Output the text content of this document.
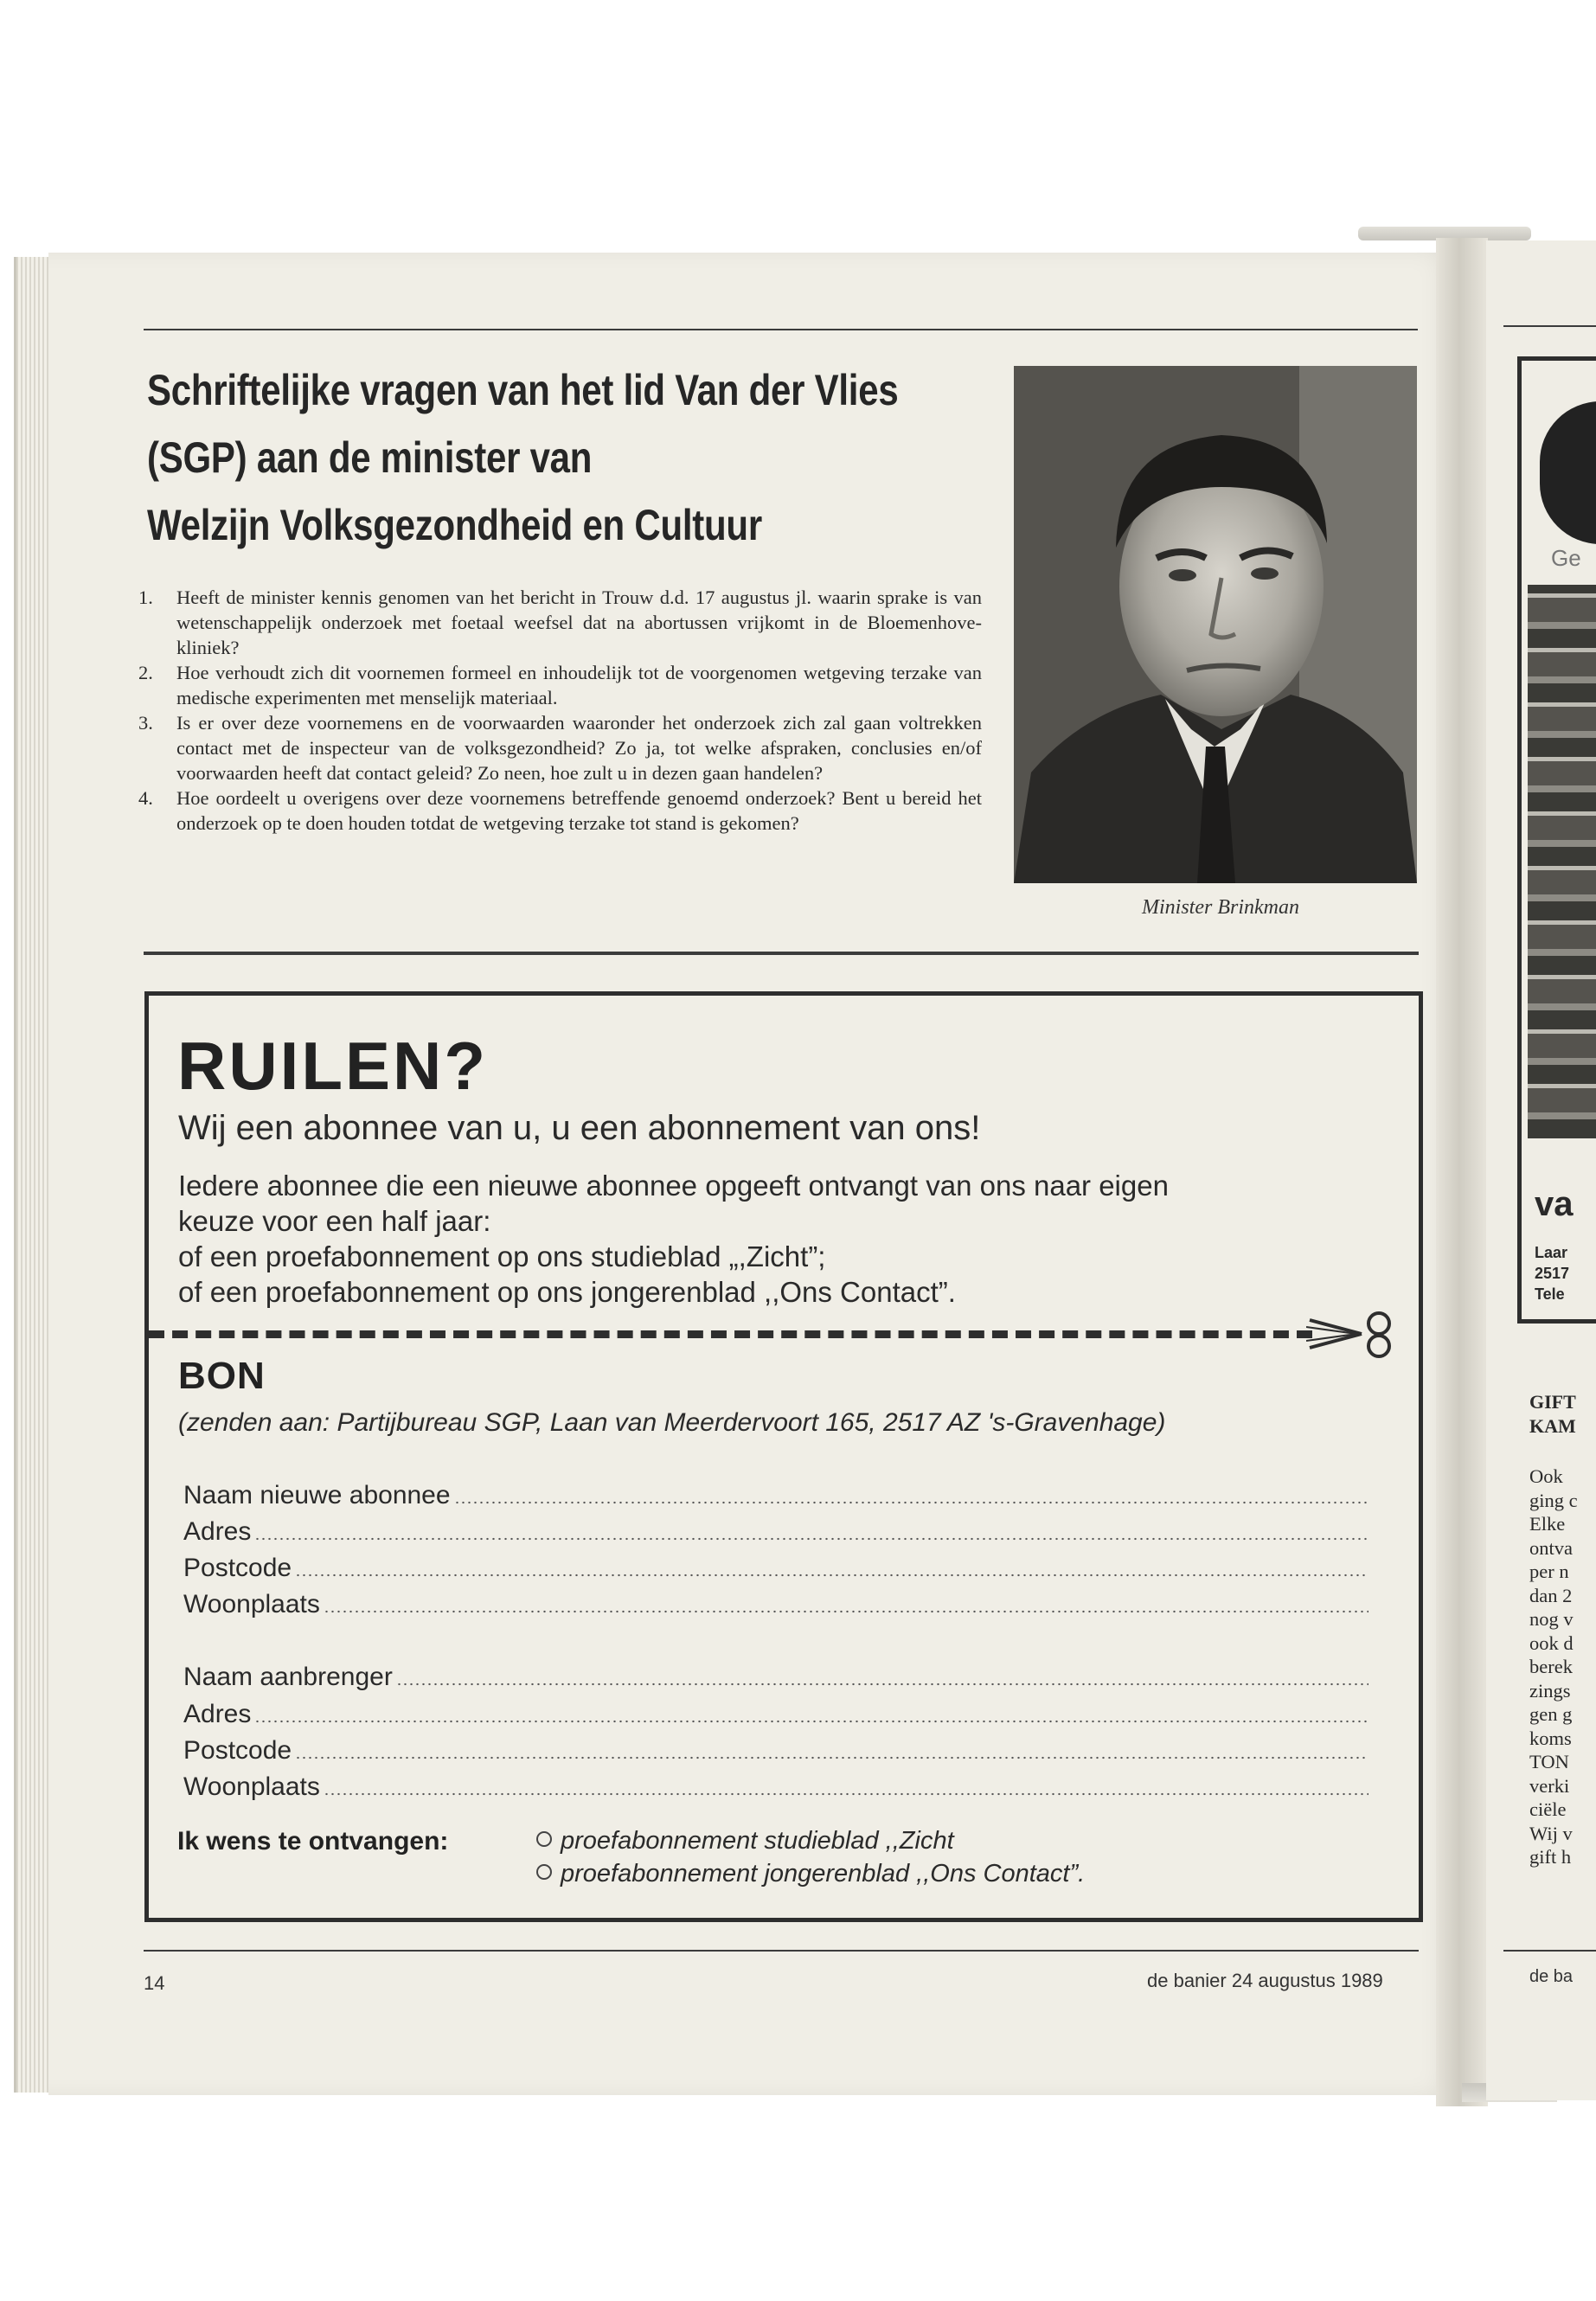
Schriftelijke vragen van het lid Van der Vlies
(SGP) aan de minister van
Welzijn Volksgezondheid en Cultuur
1. Heeft de minister kennis genomen van het bericht in Trouw d.d. 17 augustus jl. waarin sprake is van wetenschappelijk onderzoek met foetaal weefsel dat na abortussen vrijkomt in de Bloemenhove-kliniek?
2. Hoe verhoudt zich dit voornemen formeel en inhoudelijk tot de voorgenomen wetgeving terzake van medische experimenten met menselijk materiaal.
3. Is er over deze voornemens en de voorwaarden waaronder het onderzoek zich zal gaan voltrekken contact met de inspecteur van de volksgezondheid? Zo ja, tot welke afspraken, conclusies en/of voorwaarden heeft dat contact geleid? Zo neen, hoe zult u in dezen gaan handelen?
4. Hoe oordeelt u overigens over deze voornemens betreffende genoemd onderzoek? Bent u bereid het onderzoek op te doen houden totdat de wetgeving terzake tot stand is gekomen?
Minister Brinkman
RUILEN?
Wij een abonnee van u, u een abonnement van ons!
Iedere abonnee die een nieuwe abonnee opgeeft ontvangt van ons naar eigen
keuze voor een half jaar:
of een proefabonnement op ons studieblad „,Zicht”;
of een proefabonnement op ons jongerenblad ,,Ons Contact”.
BON
(zenden aan: Partijbureau SGP, Laan van Meerdervoort 165, 2517 AZ 's-Gravenhage)
Naam nieuwe abonnee
Adres
Postcode
Woonplaats
Naam aanbrenger
Adres
Postcode
Woonplaats
Ik wens te ontvangen:	proefabonnement studieblad ,,Zicht
proefabonnement jongerenblad ,,Ons Contact”.
14	de banier 24 augustus 1989
Ge
va
Laar
2517
Tele
GIFT
KAM
Ook
ging c
Elke
ontva
per n
dan 2
nog v
ook d
berek
zings
gen g
koms
TON
verki
ciële
Wij v
gift h
de ba
